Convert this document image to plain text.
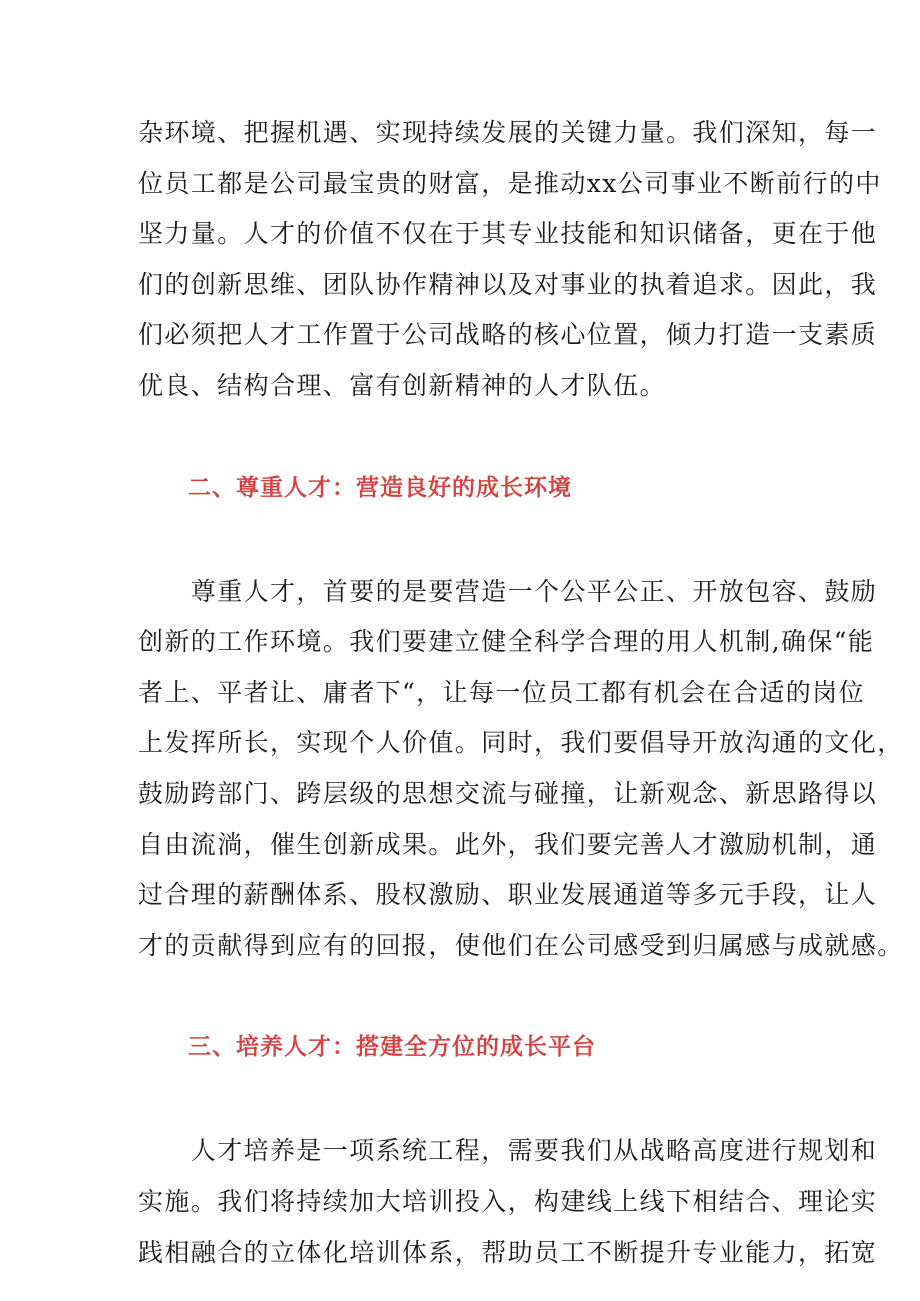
杂环境、把握机遇、实现持续发展的关键力量。我们深知，每一
位员工都是公司最宝贵的财富，是推动xx公司事业不断前行的中
坚力量。人才的价值不仅在于其专业技能和知识储备，更在于他
们的创新思维、团队协作精神以及对事业的执着追求。因此，我
们必须把人才工作置于公司战略的核心位置，倾力打造一支素质
优良、结构合理、富有创新精神的人才队伍。

二、尊重人才：营造良好的成长环境

　　尊重人才，首要的是要营造一个公平公正、开放包容、鼓励
创新的工作环境。我们要建立健全科学合理的用人机制,确保“能
者上、平者让、庸者下“，让每一位员工都有机会在合适的岗位
上发挥所长，实现个人价值。同时，我们要倡导开放沟通的文化，
鼓励跨部门、跨层级的思想交流与碰撞，让新观念、新思路得以
自由流淌，催生创新成果。此外，我们要完善人才激励机制，通
过合理的薪酬体系、股权激励、职业发展通道等多元手段，让人
才的贡献得到应有的回报，使他们在公司感受到归属感与成就感。

三、培养人才：搭建全方位的成长平台

　　人才培养是一项系统工程，需要我们从战略高度进行规划和
实施。我们将持续加大培训投入，构建线上线下相结合、理论实
践相融合的立体化培训体系，帮助员工不断提升专业能力，拓宽
